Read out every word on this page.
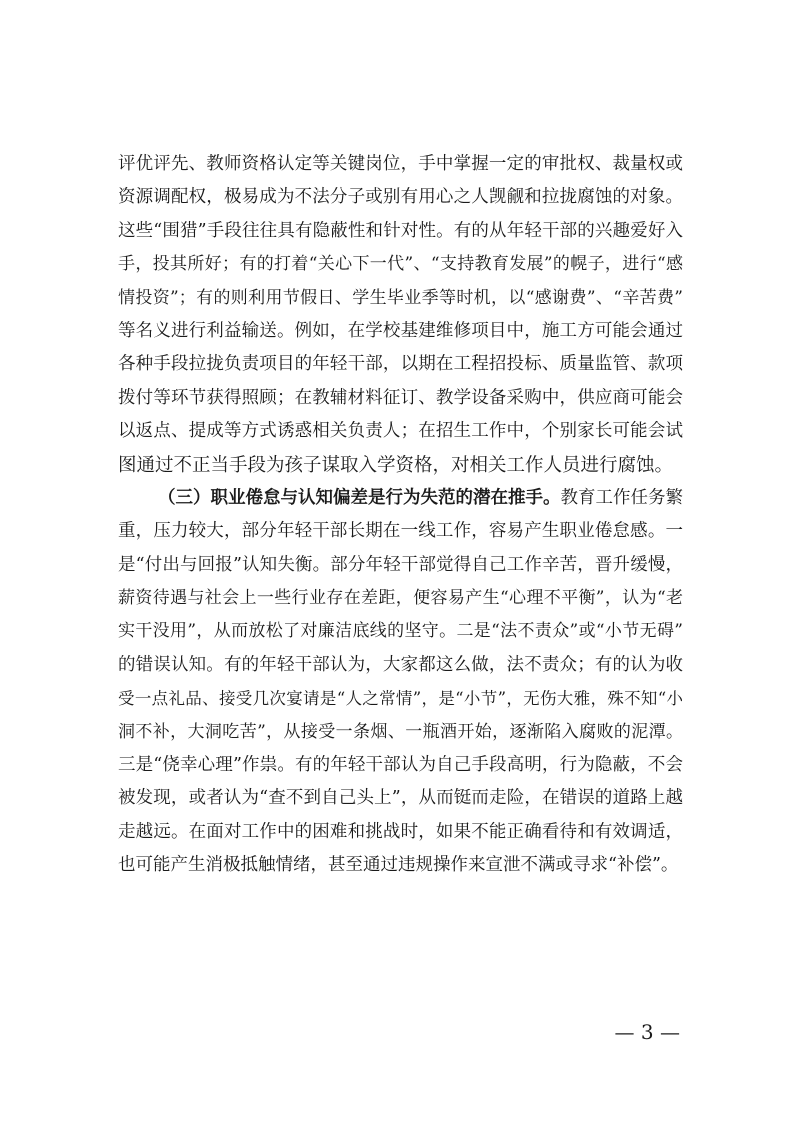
评优评先、教师资格认定等关键岗位，手中掌握一定的审批权、裁量权或
资源调配权，极易成为不法分子或别有用心之人觊觎和拉拢腐蚀的对象。
这些“围猎”手段往往具有隐蔽性和针对性。有的从年轻干部的兴趣爱好入
手，投其所好；有的打着“关心下一代”、“支持教育发展”的幌子，进行“感
情投资”；有的则利用节假日、学生毕业季等时机，以“感谢费”、“辛苦费”
等名义进行利益输送。例如，在学校基建维修项目中，施工方可能会通过
各种手段拉拢负责项目的年轻干部，以期在工程招投标、质量监管、款项
拨付等环节获得照顾；在教辅材料征订、教学设备采购中，供应商可能会
以返点、提成等方式诱惑相关负责人；在招生工作中，个别家长可能会试
图通过不正当手段为孩子谋取入学资格，对相关工作人员进行腐蚀。
（三）职业倦怠与认知偏差是行为失范的潜在推手。教育工作任务繁
重，压力较大，部分年轻干部长期在一线工作，容易产生职业倦怠感。一
是“付出与回报”认知失衡。部分年轻干部觉得自己工作辛苦，晋升缓慢，
薪资待遇与社会上一些行业存在差距，便容易产生“心理不平衡”，认为“老
实干没用”，从而放松了对廉洁底线的坚守。二是“法不责众”或“小节无碍”
的错误认知。有的年轻干部认为，大家都这么做，法不责众；有的认为收
受一点礼品、接受几次宴请是“人之常情”，是“小节”，无伤大雅，殊不知“小
洞不补，大洞吃苦”，从接受一条烟、一瓶酒开始，逐渐陷入腐败的泥潭。
三是“侥幸心理”作祟。有的年轻干部认为自己手段高明，行为隐蔽，不会
被发现，或者认为“查不到自己头上”，从而铤而走险，在错误的道路上越
走越远。在面对工作中的困难和挑战时，如果不能正确看待和有效调适，
也可能产生消极抵触情绪，甚至通过违规操作来宣泄不满或寻求“补偿”。
— 3 —
